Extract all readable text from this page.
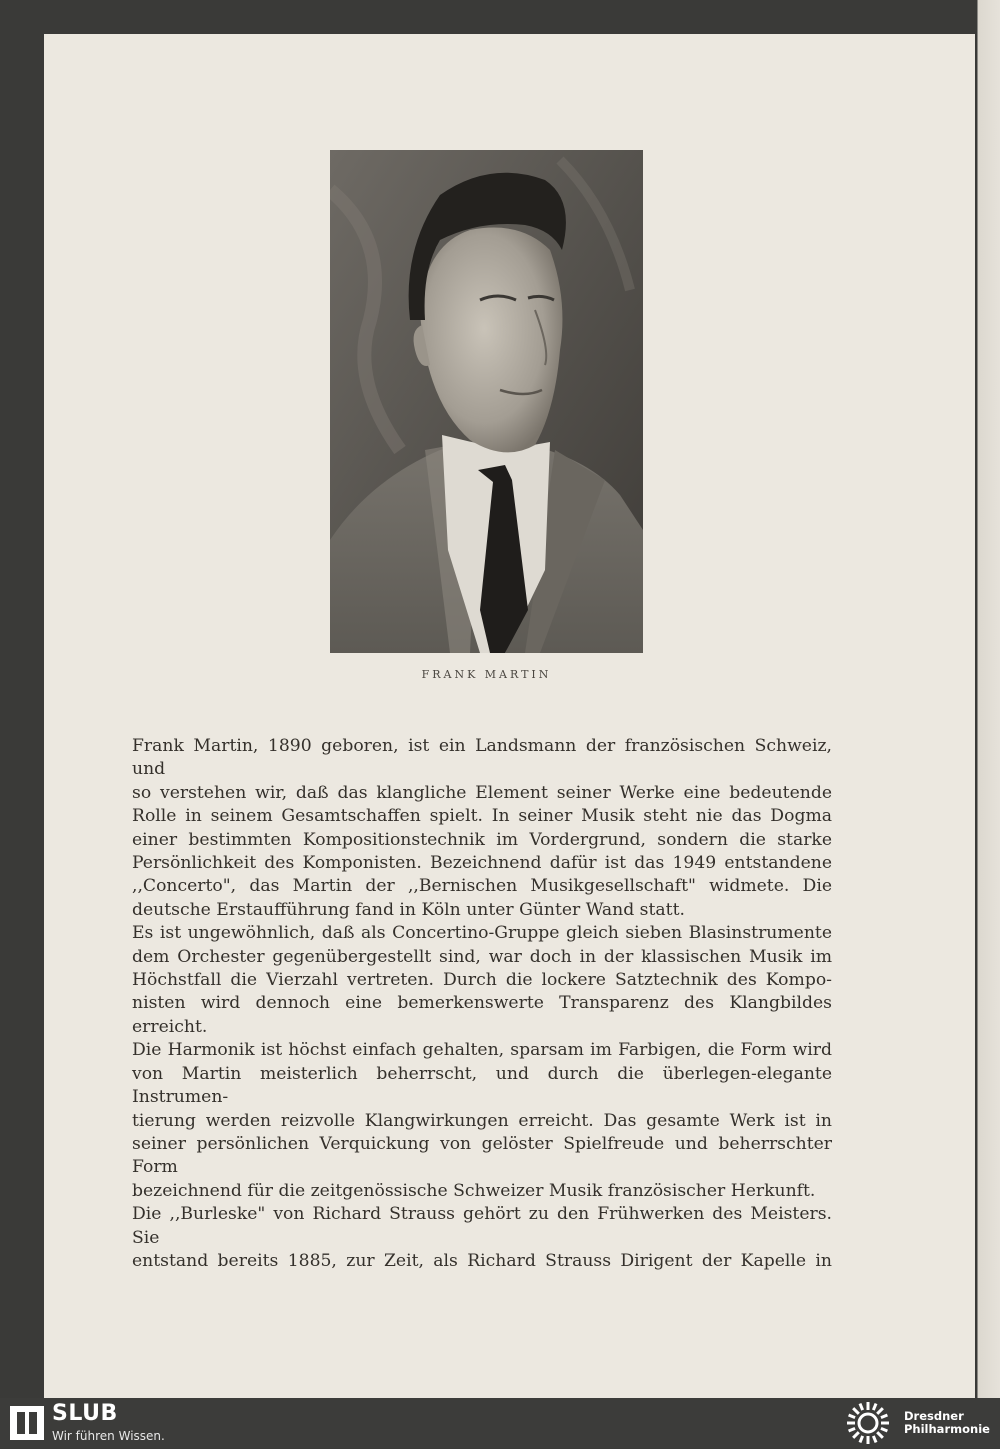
FRANK MARTIN

Frank Martin, 1890 geboren, ist ein Landsmann der französischen Schweiz, und

so verstehen wir, daß das klangliche Element seiner Werke eine bedeutende

Rolle in seinem Gesamtschaffen spielt. In seiner Musik steht nie das Dogma

einer bestimmten Kompositionstechnik im Vordergrund, sondern die starke

Persönlichkeit des Komponisten. Bezeichnend dafür ist das 1949 entstandene

,,Concerto", das Martin der ,,Bernischen Musikgesellschaft" widmete. Die

deutsche Erstaufführung fand in Köln unter Günter Wand statt.

Es ist ungewöhnlich, daß als Concertino-Gruppe gleich sieben Blasinstrumente

dem Orchester gegenübergestellt sind, war doch in der klassischen Musik im

Höchstfall die Vierzahl vertreten. Durch die lockere Satztechnik des Kompo-

nisten wird dennoch eine bemerkenswerte Transparenz des Klangbildes erreicht.

Die Harmonik ist höchst einfach gehalten, sparsam im Farbigen, die Form wird

von Martin meisterlich beherrscht, und durch die überlegen-elegante Instrumen-

tierung werden reizvolle Klangwirkungen erreicht. Das gesamte Werk ist in

seiner persönlichen Verquickung von gelöster Spielfreude und beherrschter Form

bezeichnend für die zeitgenössische Schweizer Musik französischer Herkunft.

Die ,,Burleske" von Richard Strauss gehört zu den Frühwerken des Meisters. Sie

entstand bereits 1885, zur Zeit, als Richard Strauss Dirigent der Kapelle in

SLUB
Wir führen Wissen.
Dresdner
Philharmonie
